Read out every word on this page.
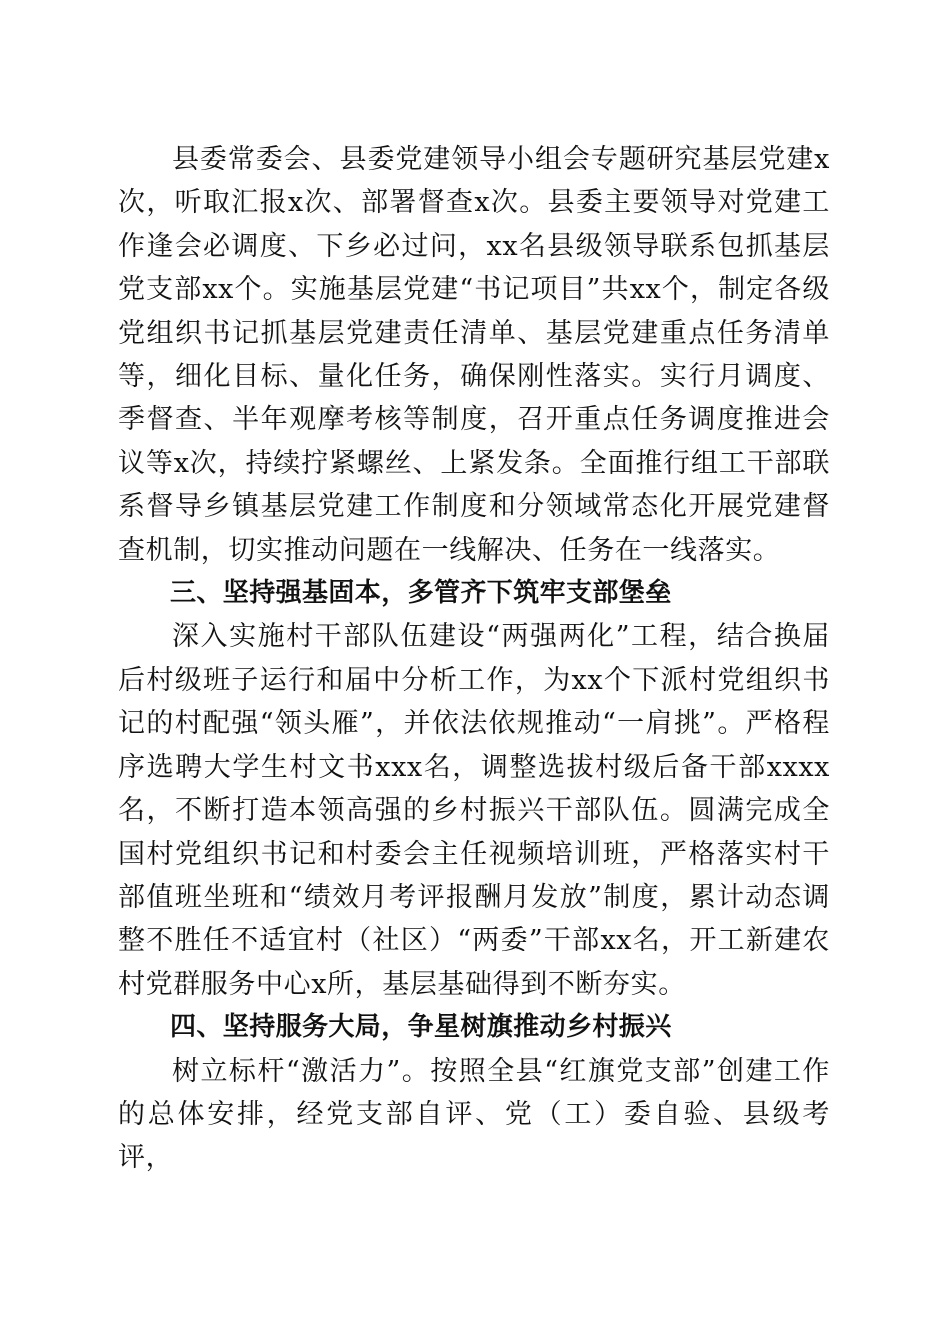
县委常委会、县委党建领导小组会专题研究基层党建x次，听取汇报x次、部署督查x次。县委主要领导对党建工作逢会必调度、下乡必过问，xx名县级领导联系包抓基层党支部xx个。实施基层党建“书记项目”共xx个，制定各级党组织书记抓基层党建责任清单、基层党建重点任务清单等，细化目标、量化任务，确保刚性落实。实行月调度、季督查、半年观摩考核等制度，召开重点任务调度推进会议等x次，持续拧紧螺丝、上紧发条。全面推行组工干部联系督导乡镇基层党建工作制度和分领域常态化开展党建督查机制，切实推动问题在一线解决、任务在一线落实。

三、坚持强基固本，多管齐下筑牢支部堡垒

深入实施村干部队伍建设“两强两化”工程，结合换届后村级班子运行和届中分析工作，为xx个下派村党组织书记的村配强“领头雁”，并依法依规推动“一肩挑”。严格程序选聘大学生村文书xxx名，调整选拔村级后备干部xxxx名，不断打造本领高强的乡村振兴干部队伍。圆满完成全国村党组织书记和村委会主任视频培训班，严格落实村干部值班坐班和“绩效月考评报酬月发放”制度，累计动态调整不胜任不适宜村（社区）“两委”干部xx名，开工新建农村党群服务中心x所，基层基础得到不断夯实。

四、坚持服务大局，争星树旗推动乡村振兴

树立标杆“激活力”。按照全县“红旗党支部”创建工作的总体安排，经党支部自评、党（工）委自验、县级考评，
